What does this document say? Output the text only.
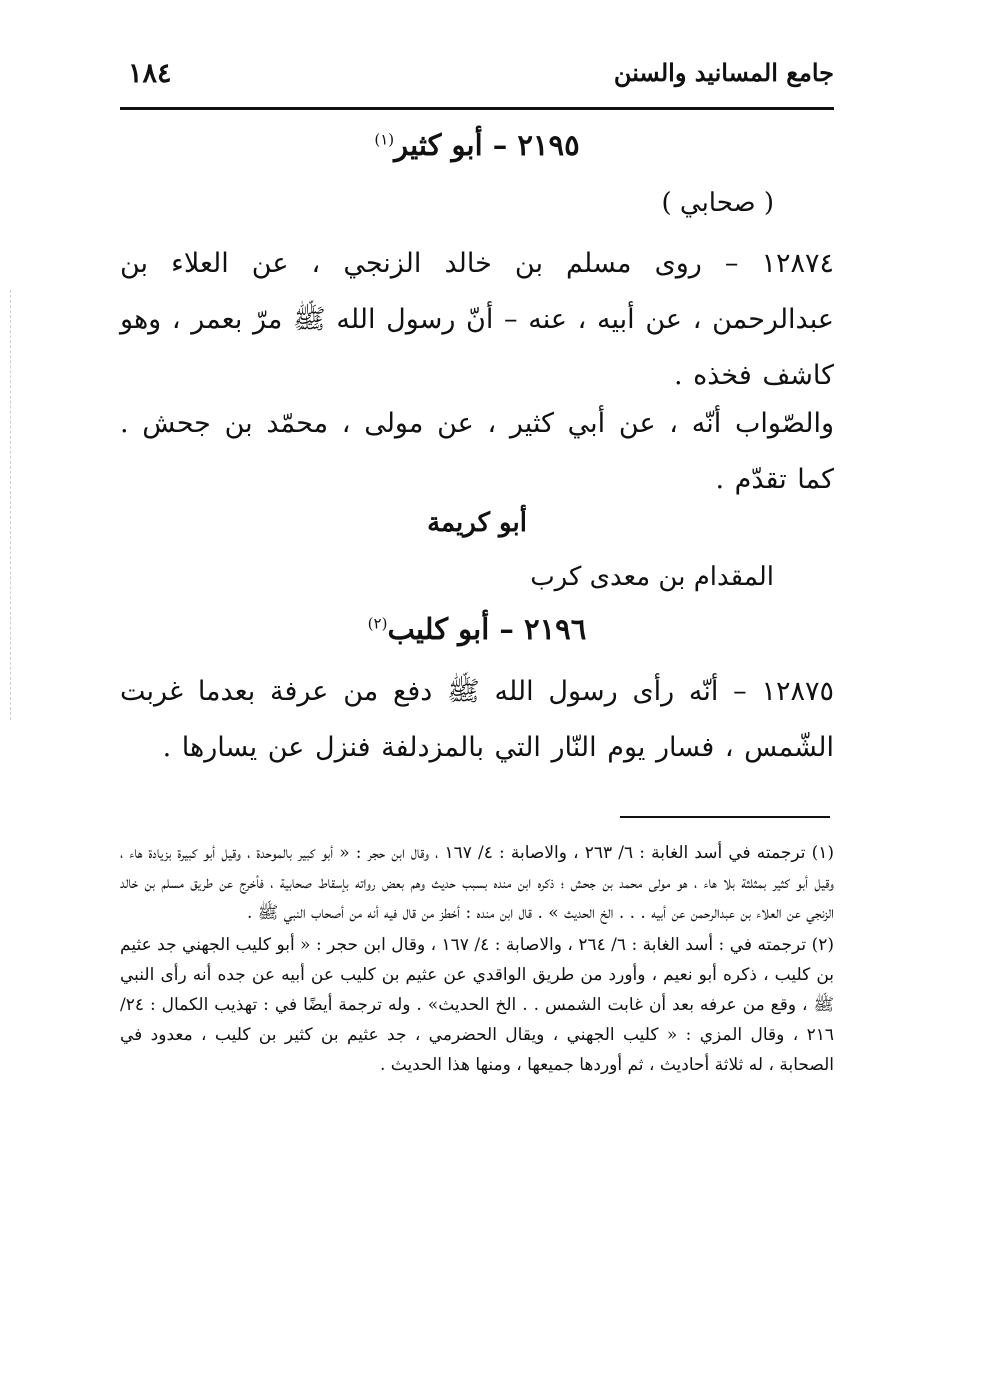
جامع المسانيد والسنن
١٨٤
٢١٩٥ – أبو كثير$^{(١)}$
( صحابي )
١٢٨٧٤ – روى مسلم بن خالد الزنجي ، عن العلاء بن عبدالرحمن ، عن أبيه ، عنه – أنّ رسول الله ﷺ مرّ بعمر ، وهو كاشف فخذه .
والصّواب أنّه ، عن أبي كثير ، عن مولى ، محمّد بن جحش . كما تقدّم .
أبو كريمة
المقدام بن معدى كرب
٢١٩٦ – أبو كليب$^{(٢)}$
١٢٨٧٥ – أنّه رأى رسول الله ﷺ دفع من عرفة بعدما غربت الشّمس ، فسار يوم النّار التي بالمزدلفة فنزل عن يسارها .
(١) ترجمته في أسد الغابة : ٦/ ٢٦٣ ، والاصابة : ٤/ ١٦٧ ، وقال ابن حجر : « أبو كبير بالموحدة ، وقيل أبو كبيرة بزيادة هاء ، وقيل أبو كثير بمثلثة بلا هاء ، هو مولى محمد بن جحش ؛ ذكره ابن منده بسبب حديث وهم بعض رواته بإسقاط صحابية ، فأخرج عن طريق مسلم بن خالد الزنجي عن العلاء بن عبدالرحمن عن أبيه . . . الخ الحديث » . قال ابن منده : أخطز من قال فيه أنه من أصحاب النبي ﷺ .
(٢) ترجمته في : أسد الغابة : ٦/ ٢٦٤ ، والاصابة : ٤/ ١٦٧ ، وقال ابن حجر : « أبو كليب الجهني جد عثيم بن كليب ، ذكره أبو نعيم ، وأورد من طريق الواقدي عن عثيم بن كليب عن أبيه عن جده أنه رأى النبي ﷺ ، وقع من عرفه بعد أن غابت الشمس . . الخ الحديث» . وله ترجمة أيضًا في : تهذيب الكمال : ٢٤/ ٢١٦ ، وقال المزي : « كليب الجهني ، ويقال الحضرمي ، جد عثيم بن كثير بن كليب ، معدود في الصحابة ، له ثلاثة أحاديث ، ثم أوردها جميعها ، ومنها هذا الحديث .
